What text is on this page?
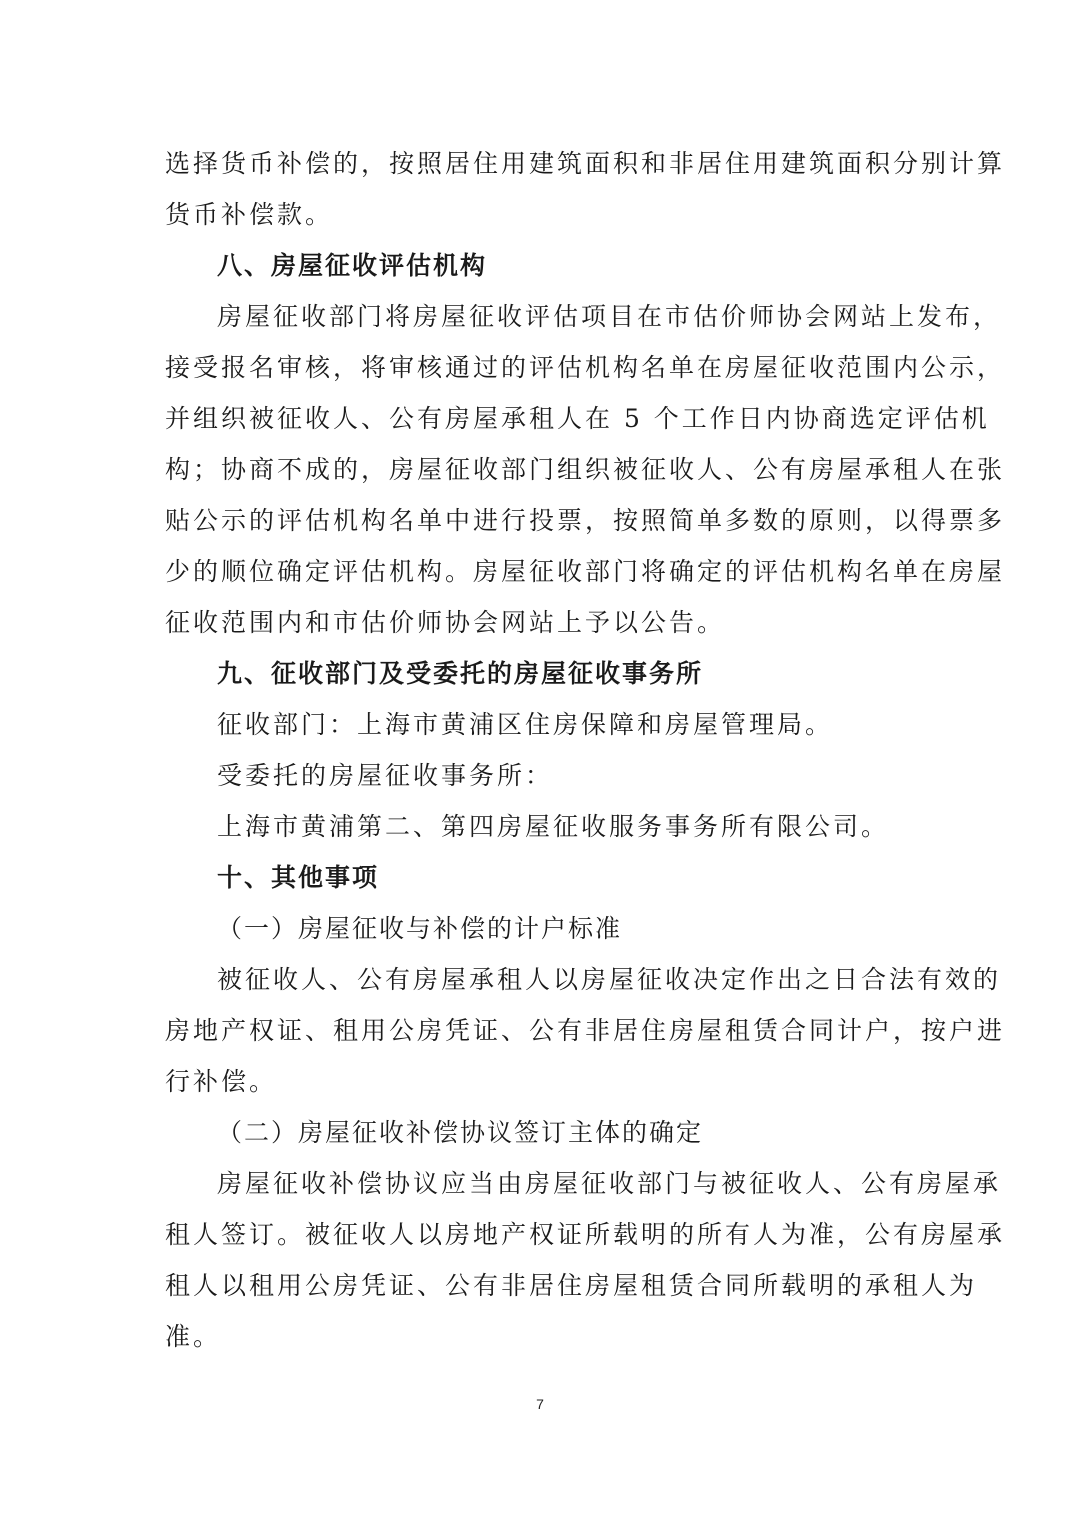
选择货币补偿的，按照居住用建筑面积和非居住用建筑面积分别计算
货币补偿款。
八、房屋征收评估机构
房屋征收部门将房屋征收评估项目在市估价师协会网站上发布，
接受报名审核，将审核通过的评估机构名单在房屋征收范围内公示，
并组织被征收人、公有房屋承租人在 5 个工作日内协商选定评估机
构；协商不成的，房屋征收部门组织被征收人、公有房屋承租人在张
贴公示的评估机构名单中进行投票，按照简单多数的原则，以得票多
少的顺位确定评估机构。房屋征收部门将确定的评估机构名单在房屋
征收范围内和市估价师协会网站上予以公告。
九、征收部门及受委托的房屋征收事务所
征收部门：上海市黄浦区住房保障和房屋管理局。
受委托的房屋征收事务所：
上海市黄浦第二、第四房屋征收服务事务所有限公司。
十、其他事项
（一）房屋征收与补偿的计户标准
被征收人、公有房屋承租人以房屋征收决定作出之日合法有效的
房地产权证、租用公房凭证、公有非居住房屋租赁合同计户，按户进
行补偿。
（二）房屋征收补偿协议签订主体的确定
房屋征收补偿协议应当由房屋征收部门与被征收人、公有房屋承
租人签订。被征收人以房地产权证所载明的所有人为准，公有房屋承
租人以租用公房凭证、公有非居住房屋租赁合同所载明的承租人为
准。
7
